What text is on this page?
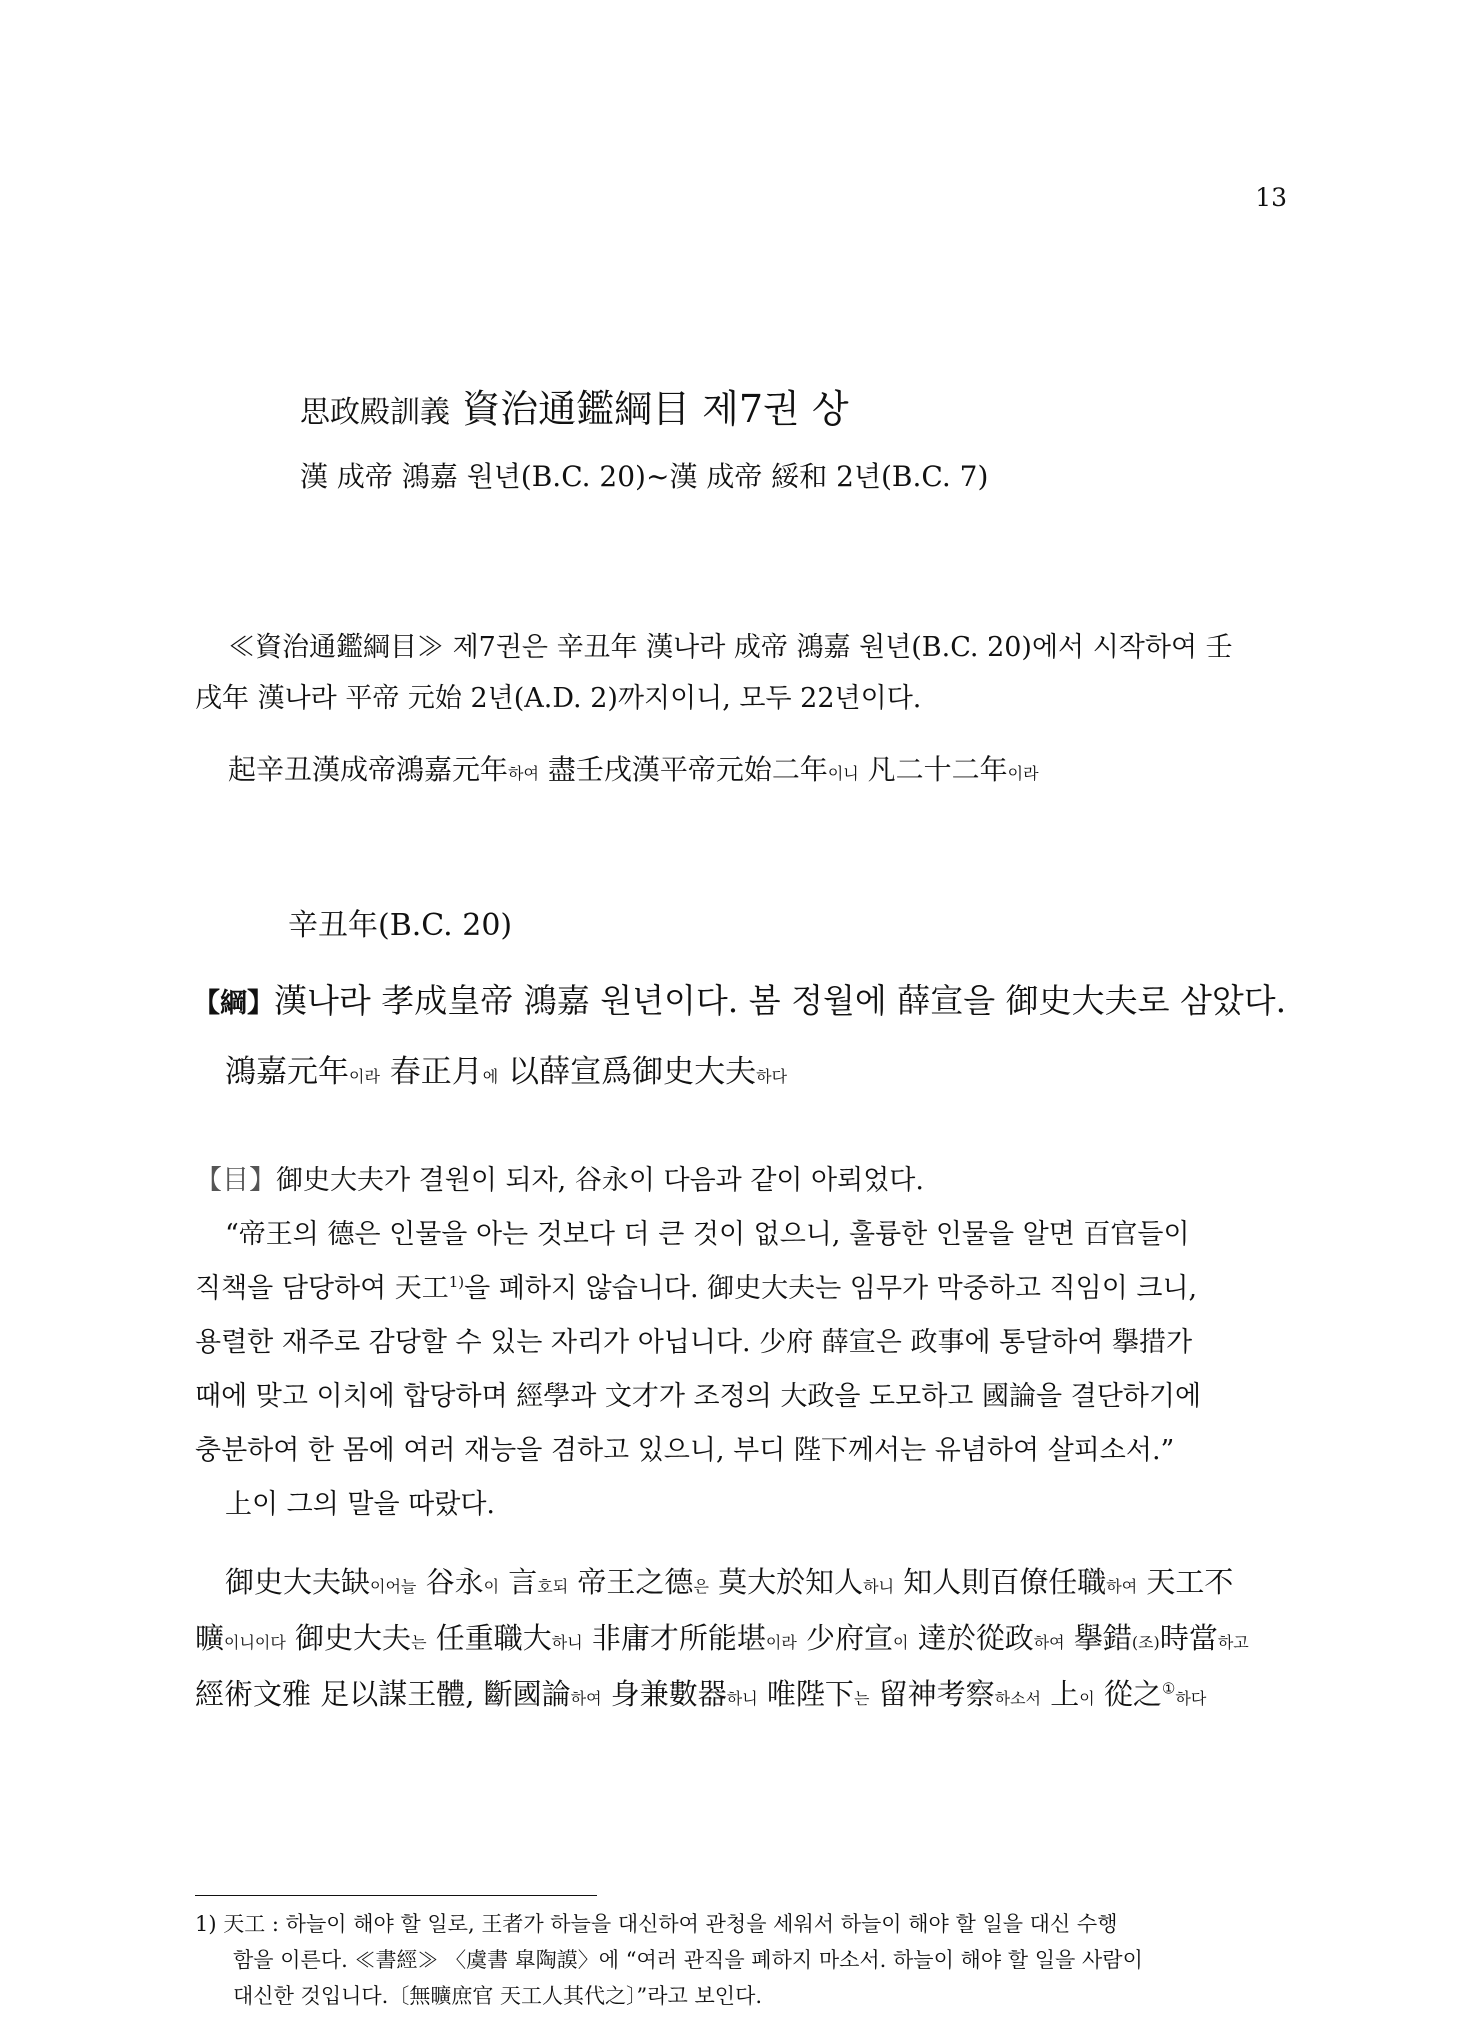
13
思政殿訓義 資治通鑑綱目 제7권 상
漢 成帝 鴻嘉 원년(B.C. 20)~漢 成帝 綏和 2년(B.C. 7)
≪資治通鑑綱目≫ 제7권은 辛丑年 漢나라 成帝 鴻嘉 원년(B.C. 20)에서 시작하여 壬
戌年 漢나라 平帝 元始 2년(A.D. 2)까지이니, 모두 22년이다.
起辛丑漢成帝鴻嘉元年하여 盡壬戌漢平帝元始二年이니 凡二十二年이라
辛丑年(B.C. 20)
【綱】漢나라 孝成皇帝 鴻嘉 원년이다. 봄 정월에 薛宣을 御史大夫로 삼았다.
鴻嘉元年이라 春正月에 以薛宣爲御史大夫하다
【目】御史大夫가 결원이 되자, 谷永이 다음과 같이 아뢰었다.
“帝王의 德은 인물을 아는 것보다 더 큰 것이 없으니, 훌륭한 인물을 알면 百官들이
직책을 담당하여 天工$^{1)}$을 폐하지 않습니다. 御史大夫는 임무가 막중하고 직임이 크니,
용렬한 재주로 감당할 수 있는 자리가 아닙니다. 少府 薛宣은 政事에 통달하여 擧措가
때에 맞고 이치에 합당하며 經學과 文才가 조정의 大政을 도모하고 國論을 결단하기에
충분하여 한 몸에 여러 재능을 겸하고 있으니, 부디 陛下께서는 유념하여 살피소서.”
上이 그의 말을 따랐다.
御史大夫缺이어늘 谷永이 言호되 帝王之德은 莫大於知人하니 知人則百僚任職하여 天工不
曠이니이다 御史大夫는 任重職大하니 非庸才所能堪이라 少府宣이 達於從政하여 擧錯(조)時當하고
經術文雅 足以謀王體, 斷國論하여 身兼數器하니 唯陛下는 留神考察하소서 上이 從之①하다
1) 天工 : 하늘이 해야 할 일로, 王者가 하늘을 대신하여 관청을 세워서 하늘이 해야 할 일을 대신 수행
함을 이른다. ≪書經≫ 〈虞書 皐陶謨〉에 “여러 관직을 폐하지 마소서. 하늘이 해야 할 일을 사람이
대신한 것입니다.〔無曠庶官 天工人其代之〕”라고 보인다.
